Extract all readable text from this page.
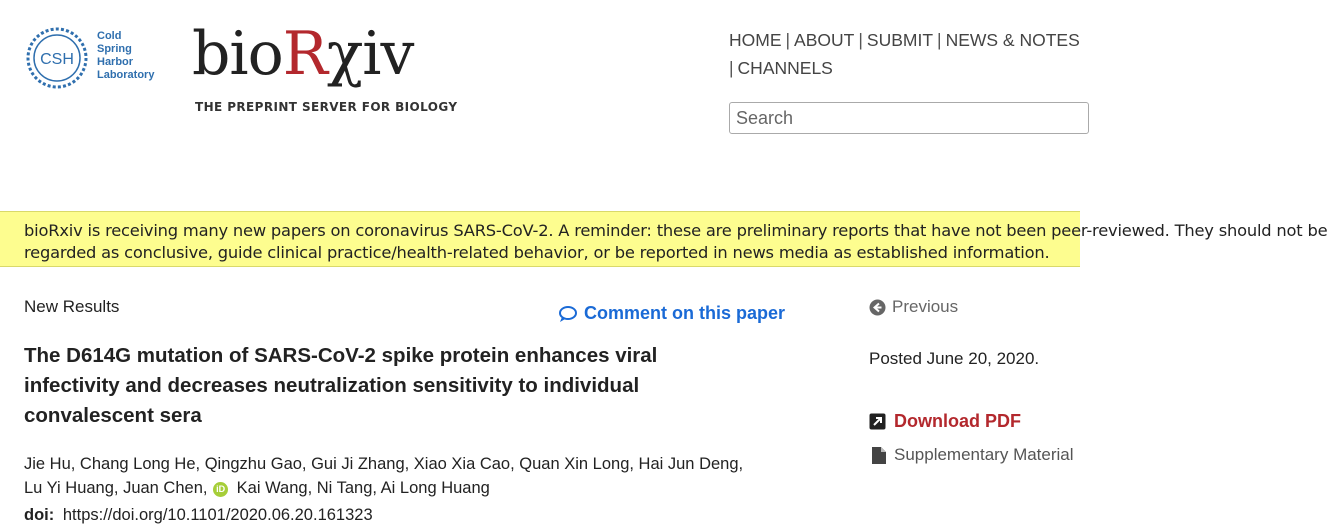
CSH
Cold
Spring
Harbor
Laboratory bioRχiv
THE PREPRINT SERVER FOR BIOLOGY
HOME | ABOUT | SUBMIT | NEWS & NOTES
| CHANNELS
Search

bioRxiv is receiving many new papers on coronavirus SARS-CoV-2. A reminder: these are preliminary reports that have not been peer-reviewed. They should not be

regarded as conclusive, guide clinical practice/health-related behavior, or be reported in news media as established information.

New Results	Comment on this paper
The D614G mutation of SARS-CoV-2 spike protein enhances viral infectivity and decreases neutralization sensitivity to individual convalescent sera
Jie Hu, Chang Long He, Qingzhu Gao, Gui Ji Zhang, Xiao Xia Cao, Quan Xin Long, Hai Jun Deng,
Lu Yi Huang, Juan Chen, iD Kai Wang, Ni Tang, Ai Long Huang
doi: https://doi.org/10.1101/2020.06.20.161323
Previous
Posted June 20, 2020.
Download PDF
Supplementary Material
